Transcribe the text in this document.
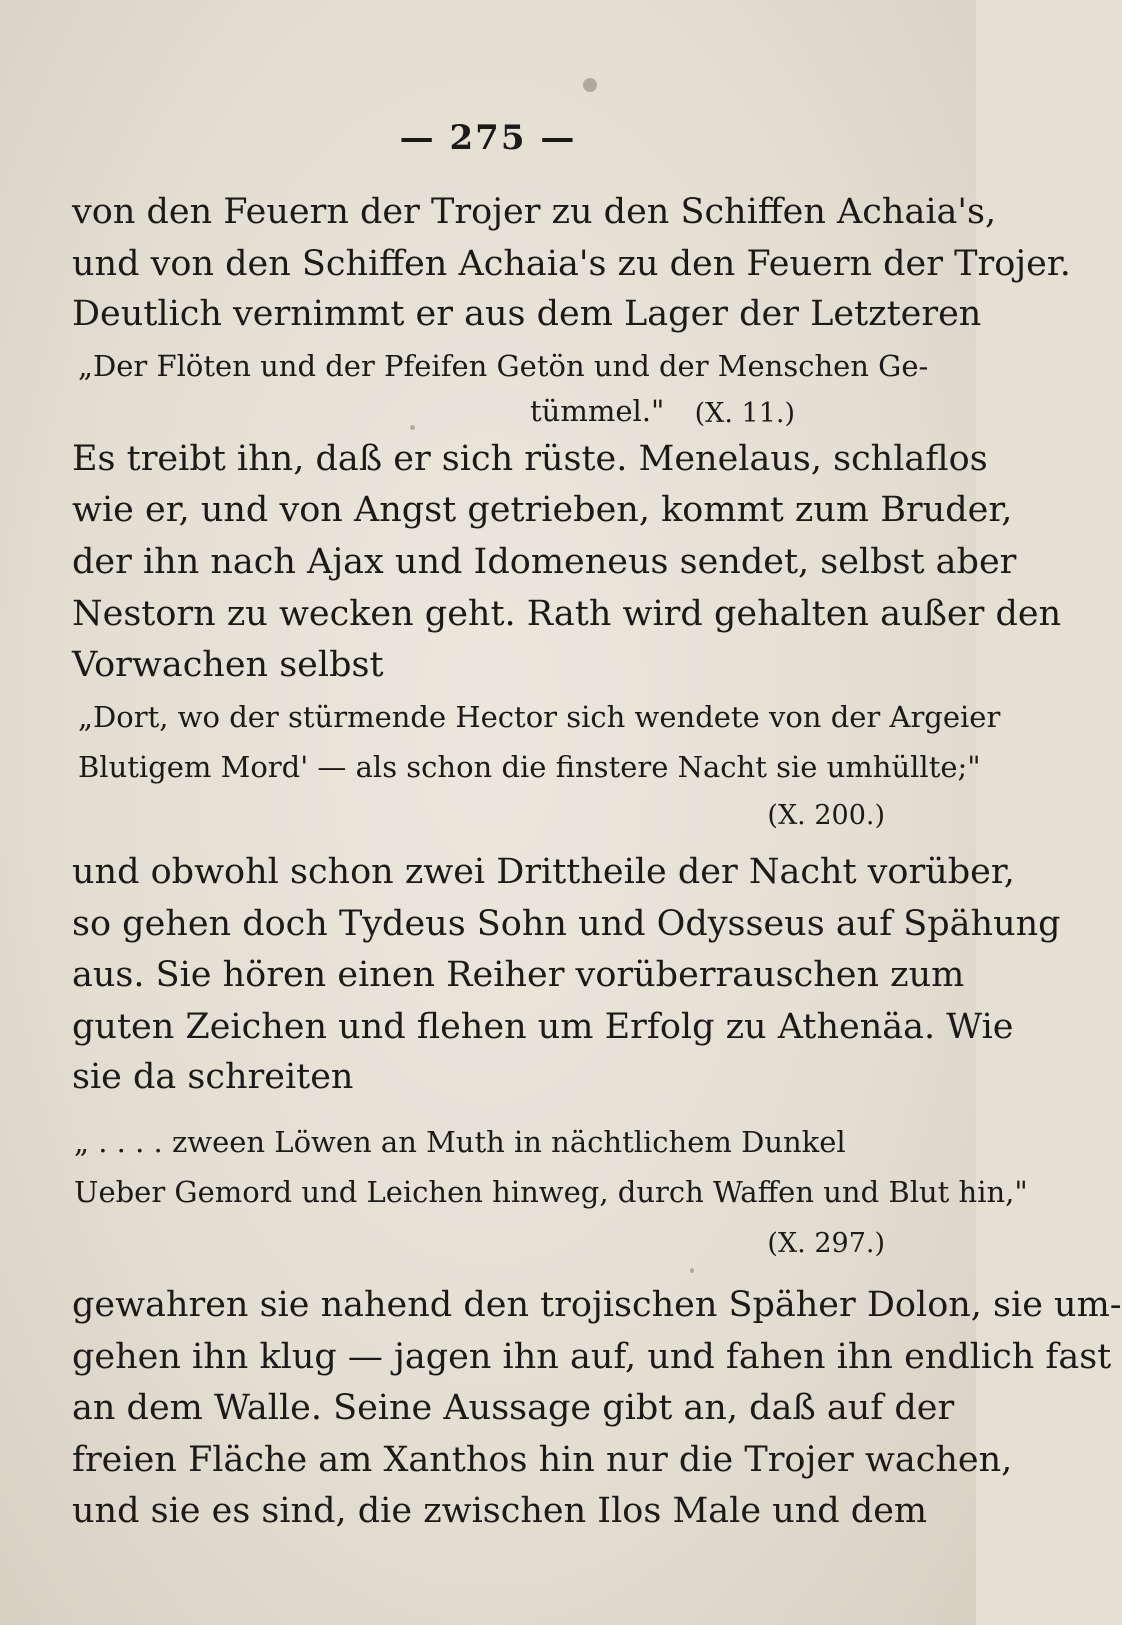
— 275 —

von den Feuern der Trojer zu den Schiffen Achaia's,

und von den Schiffen Achaia's zu den Feuern der Trojer.

Deutlich vernimmt er aus dem Lager der Letzteren

„Der Flöten und der Pfeifen Getön und der Menschen Ge-

tümmel."	(X. 11.)

Es treibt ihn, daß er sich rüste. Menelaus, schlaflos

wie er, und von Angst getrieben, kommt zum Bruder,

der ihn nach Ajax und Idomeneus sendet, selbst aber

Nestorn zu wecken geht. Rath wird gehalten außer den

Vorwachen selbst

„Dort, wo der stürmende Hector sich wendete von der Argeier

Blutigem Mord' — als schon die finstere Nacht sie umhüllte;"

(X. 200.)

und obwohl schon zwei Drittheile der Nacht vorüber,

so gehen doch Tydeus Sohn und Odysseus auf Spähung

aus. Sie hören einen Reiher vorüberrauschen zum

guten Zeichen und flehen um Erfolg zu Athenäa. Wie

sie da schreiten

„ . . . . zween Löwen an Muth in nächtlichem Dunkel

Ueber Gemord und Leichen hinweg, durch Waffen und Blut hin,"

(X. 297.)

gewahren sie nahend den trojischen Späher Dolon, sie um-

gehen ihn klug — jagen ihn auf, und fahen ihn endlich fast

an dem Walle. Seine Aussage gibt an, daß auf der

freien Fläche am Xanthos hin nur die Trojer wachen,

und sie es sind, die zwischen Ilos Male und dem
